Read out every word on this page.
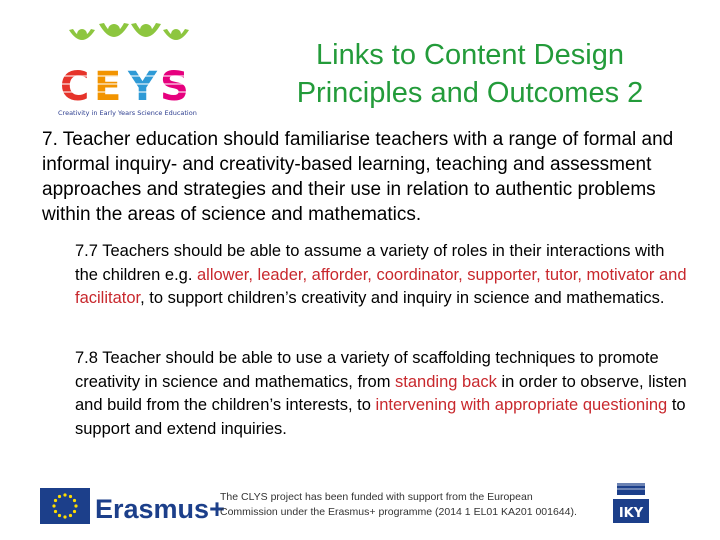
C E Y S
Creativity in Early Years Science Education
Links to Content Design
Principles and Outcomes 2
7. Teacher education should familiarise teachers with a range of formal and informal inquiry- and creativity-based learning, teaching and assessment approaches and strategies and their use in relation to authentic problems within the areas of science and mathematics.
7.7 Teachers should be able to assume a variety of roles in their interactions with the children e.g. allower, leader, afforder, coordinator, supporter, tutor, motivator and facilitator, to support children’s creativity and inquiry in science and mathematics.
7.8 Teacher should be able to use a variety of scaffolding techniques to promote creativity in science and mathematics, from standing back in order to observe, listen and build from the children’s interests, to intervening with appropriate questioning to support and extend inquiries.
Erasmus+
The CLYS project has been funded with support from the European
Commission under the Erasmus+ programme (2014 1 EL01 KA201 001644).	IKY
